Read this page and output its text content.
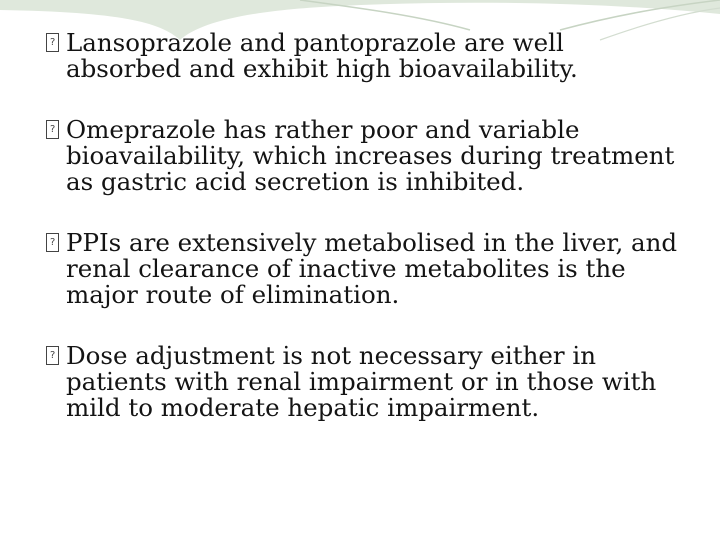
? Lansoprazole and pantoprazole are well absorbed and exhibit high bioavailability.
? Omeprazole has rather poor and variable bioavailability, which increases during treatment as gastric acid secretion is inhibited.
? PPIs are extensively metabolised in the liver, and renal clearance of inactive metabolites is the major route of elimination.
? Dose adjustment is not necessary either in patients with renal impairment or in those with mild to moderate hepatic impairment.
